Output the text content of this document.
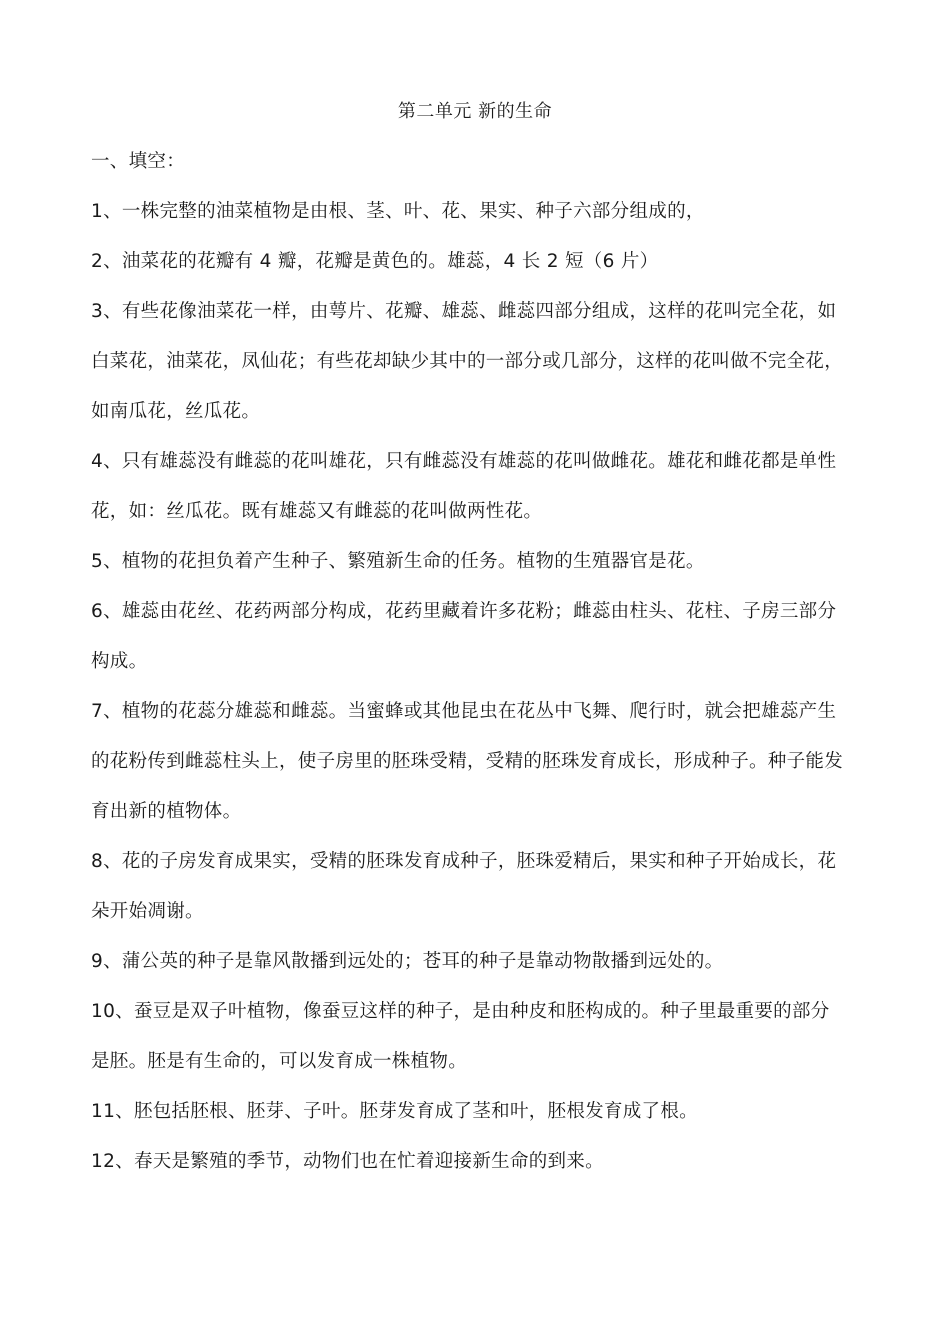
第二单元 新的生命

一、填空：

1、一株完整的油菜植物是由根、茎、叶、花、果实、种子六部分组成的，

2、油菜花的花瓣有 4 瓣，花瓣是黄色的。雄蕊，4 长 2 短（6 片）

3、有些花像油菜花一样，由萼片、花瓣、雄蕊、雌蕊四部分组成，这样的花叫完全花，如

白菜花，油菜花，凤仙花；有些花却缺少其中的一部分或几部分，这样的花叫做不完全花，

如南瓜花，丝瓜花。

4、只有雄蕊没有雌蕊的花叫雄花，只有雌蕊没有雄蕊的花叫做雌花。雄花和雌花都是单性

花，如：丝瓜花。既有雄蕊又有雌蕊的花叫做两性花。

5、植物的花担负着产生种子、繁殖新生命的任务。植物的生殖器官是花。

6、雄蕊由花丝、花药两部分构成，花药里藏着许多花粉；雌蕊由柱头、花柱、子房三部分

构成。

7、植物的花蕊分雄蕊和雌蕊。当蜜蜂或其他昆虫在花丛中飞舞、爬行时，就会把雄蕊产生

的花粉传到雌蕊柱头上，使子房里的胚珠受精，受精的胚珠发育成长，形成种子。种子能发

育出新的植物体。

8、花的子房发育成果实，受精的胚珠发育成种子，胚珠爱精后，果实和种子开始成长，花

朵开始凋谢。

9、蒲公英的种子是靠风散播到远处的；苍耳的种子是靠动物散播到远处的。

10、蚕豆是双子叶植物，像蚕豆这样的种子，是由种皮和胚构成的。种子里最重要的部分

是胚。胚是有生命的，可以发育成一株植物。

11、胚包括胚根、胚芽、子叶。胚芽发育成了茎和叶，胚根发育成了根。

12、春天是繁殖的季节，动物们也在忙着迎接新生命的到来。
